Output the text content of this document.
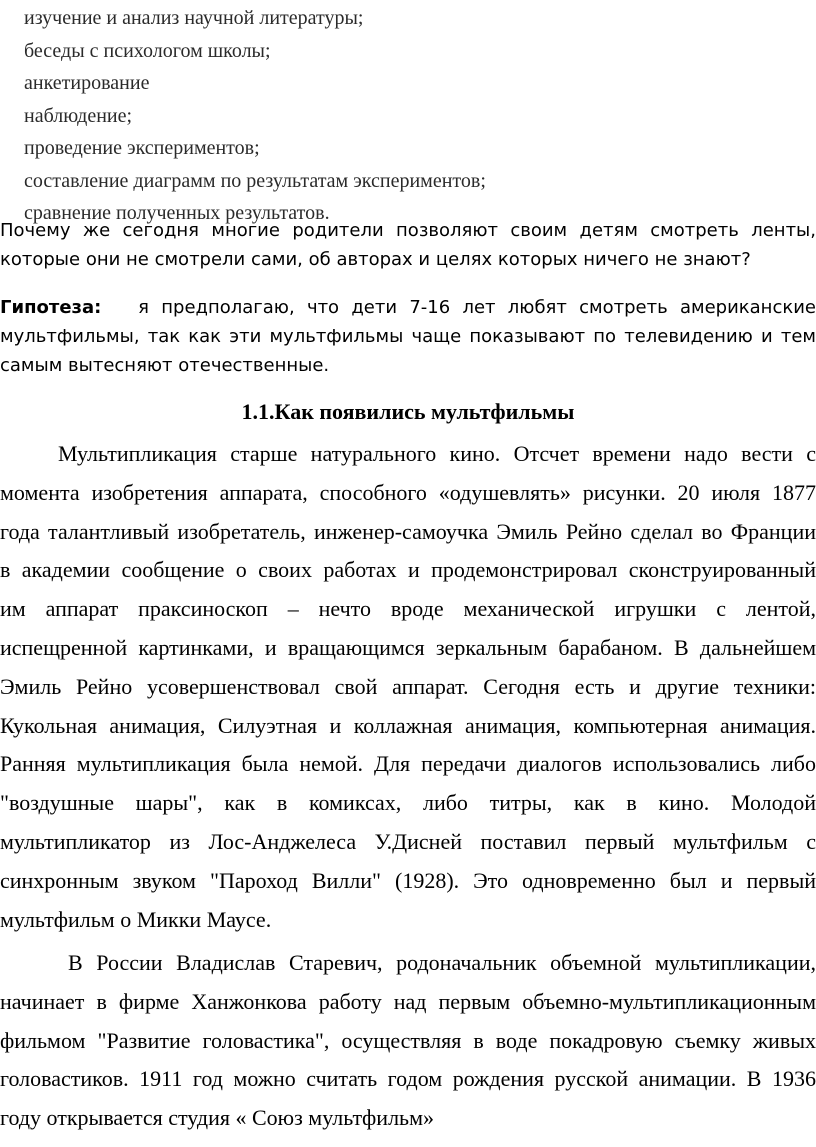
изучение и анализ научной литературы;
беседы с психологом школы;
анкетирование
наблюдение;
проведение экспериментов;
составление диаграмм по результатам экспериментов;
сравнение полученных результатов.
Почему же сегодня многие родители позволяют своим детям смотреть ленты,
которые они не смотрели сами, об авторах и целях которых ничего не знают?
Гипотеза: я предполагаю, что дети 7-16 лет любят смотреть американские
мультфильмы, так как эти мультфильмы чаще показывают по телевидению и тем
самым вытесняют отечественные.
1.1.Как появились мультфильмы
Мультипликация старше натурального кино. Отсчет времени надо вести с
момента изобретения аппарата, способного «одушевлять» рисунки. 20 июля 1877
года талантливый изобретатель, инженер-самоучка Эмиль Рейно сделал во Франции
в академии сообщение о своих работах и продемонстрировал сконструированный
им аппарат праксиноскоп – нечто вроде механической игрушки с лентой,
испещренной картинками, и вращающимся зеркальным барабаном. В дальнейшем
Эмиль Рейно усовершенствовал свой аппарат. Сегодня есть и другие техники:
Кукольная анимация, Силуэтная и коллажная анимация, компьютерная анимация.
Ранняя мультипликация была немой. Для передачи диалогов использовались либо
"воздушные шары", как в комиксах, либо титры, как в кино. Молодой
мультипликатор из Лос-Анджелеса У.Дисней поставил первый мультфильм с
синхронным звуком "Пароход Вилли" (1928). Это одновременно был и первый
мультфильм о Микки Маусе.
В России Владислав Старевич, родоначальник объемной мультипликации,
начинает в фирме Ханжонкова работу над первым объемно-мультипликационным
фильмом "Развитие головастика", осуществляя в воде покадровую съемку живых
головастиков. 1911 год можно считать годом рождения русской анимации. В 1936
году открывается студия « Союз мультфильм»
